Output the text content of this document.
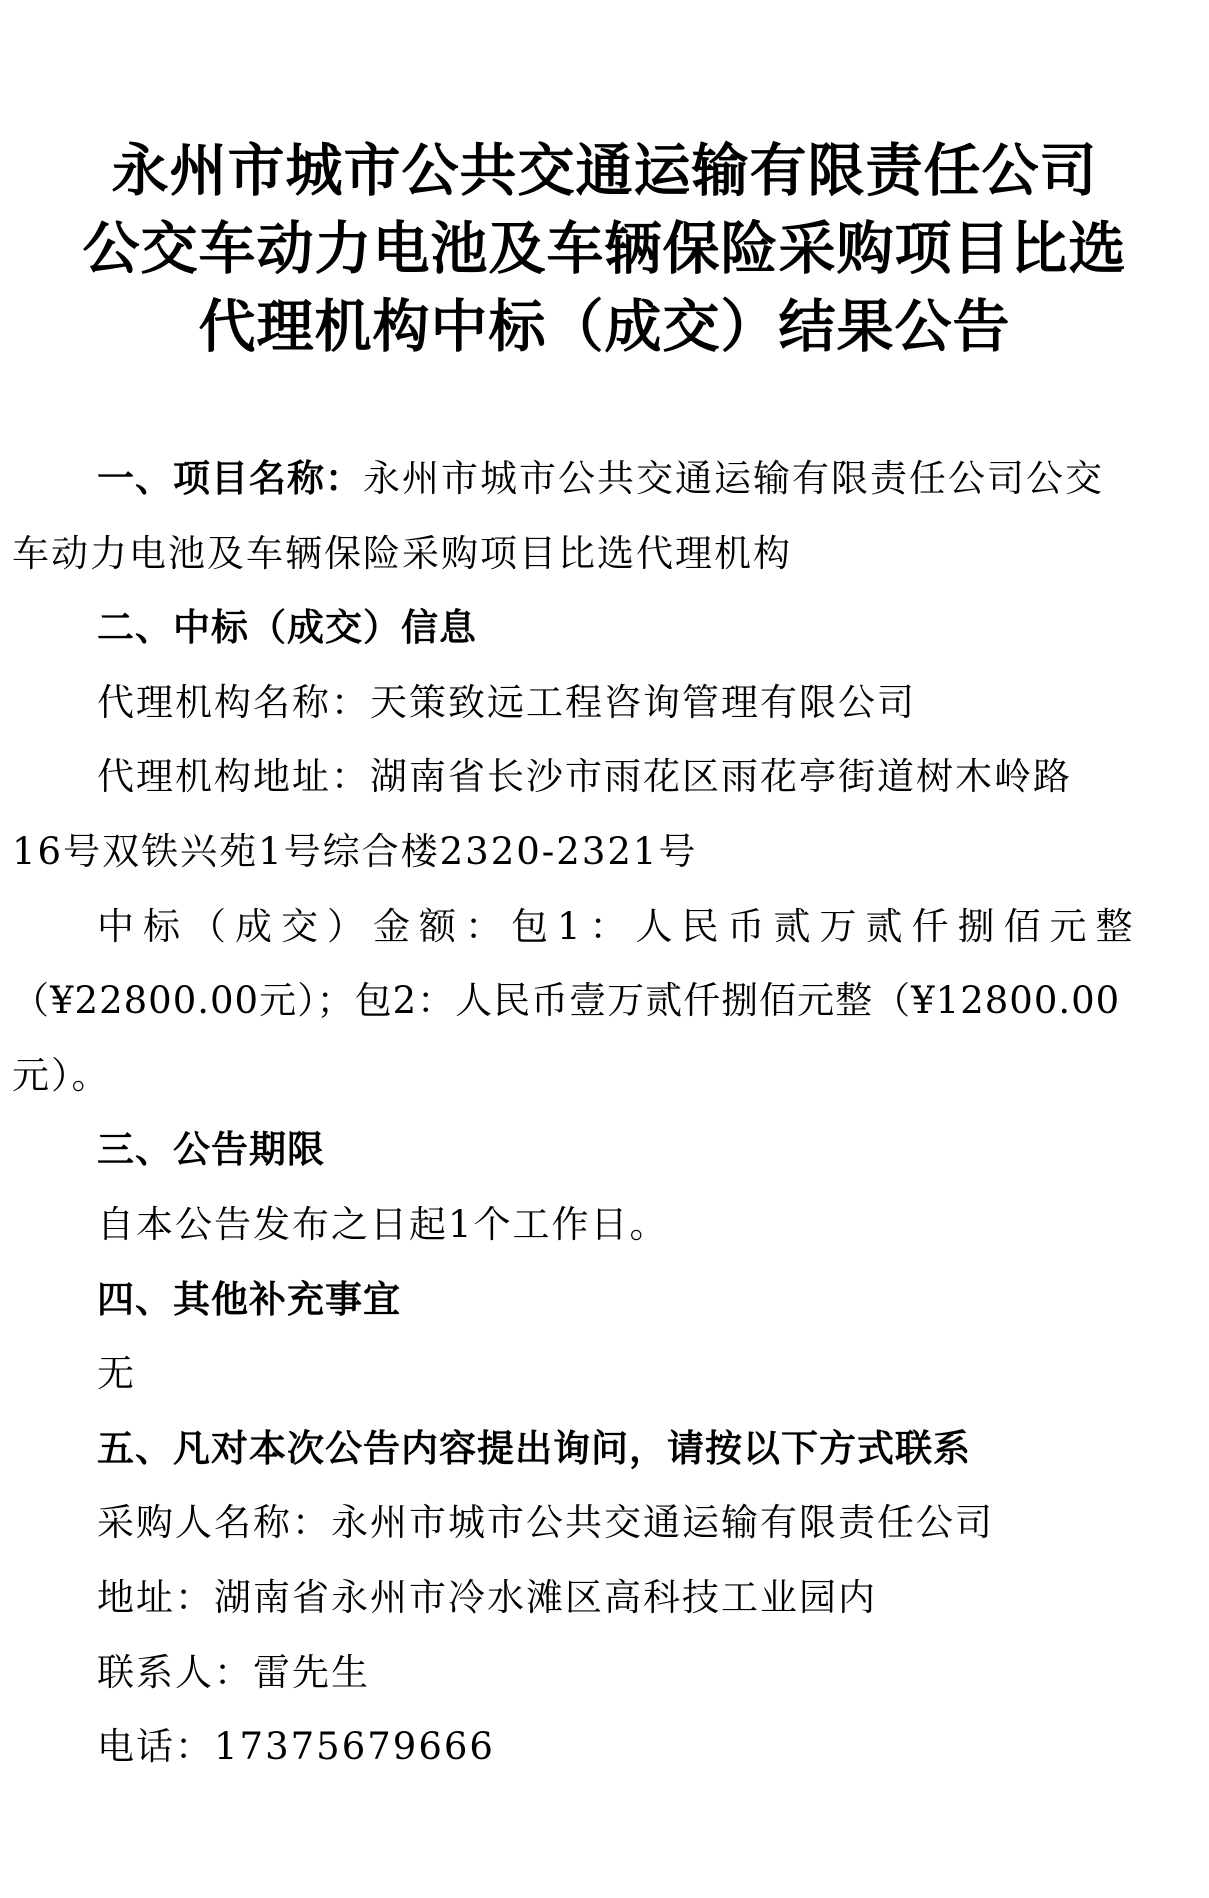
永州市城市公共交通运输有限责任公司
公交车动力电池及车辆保险采购项目比选
代理机构中标（成交）结果公告
一、项目名称：永州市城市公共交通运输有限责任公司公交
车动力电池及车辆保险采购项目比选代理机构
二、中标（成交）信息
代理机构名称：天策致远工程咨询管理有限公司
代理机构地址：湖南省长沙市雨花区雨花亭街道树木岭路
16号双铁兴苑1号综合楼2320-2321号
中标（成交）金额：包1：人民币贰万贰仟捌佰元整
（¥22800.00元）；包2：人民币壹万贰仟捌佰元整（¥12800.00
元）。
三、公告期限
自本公告发布之日起1个工作日。
四、其他补充事宜
无
五、凡对本次公告内容提出询问，请按以下方式联系
采购人名称：永州市城市公共交通运输有限责任公司
地址：湖南省永州市冷水滩区高科技工业园内
联系人：雷先生
电话：17375679666
